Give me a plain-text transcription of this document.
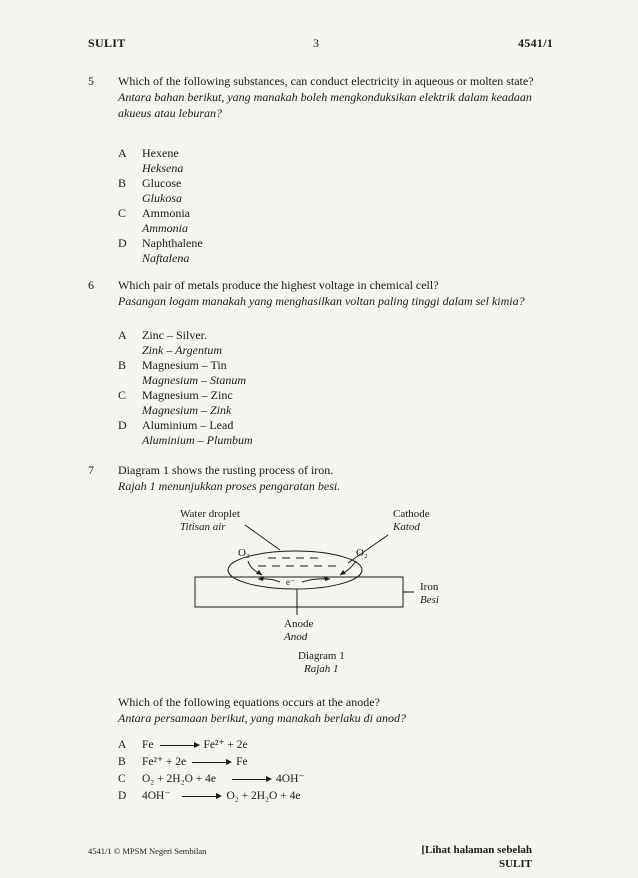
SULIT	3	4541/1
5 Which of the following substances, can conduct electricity in aqueous or molten state?
Antara bahan berikut, yang manakah boleh mengkonduksikan elektrik dalam keadaan akueus atau leburan?
A Hexene
Heksena
B Glucose
Glukosa
C Ammonia
Ammonia
D Naphthalene
Naftalena
6 Which pair of metals produce the highest voltage in chemical cell?
Pasangan logam manakah yang menghasilkan voltan paling tinggi dalam sel kimia?
A Zinc – Silver.
Zink – Argentum
B Magnesium – Tin
Magnesium – Stanum
C Magnesium – Zinc
Magnesium – Zink
D Aluminium – Lead
Aluminium – Plumbum
7 Diagram 1 shows the rusting process of iron.
Rajah 1 menunjukkan proses pengaratan besi.
Water droplet
Titisan air
Cathode
Katod
O₂	O₂
e⁻	Iron
Besi
Anode
Anod
Diagram 1
Rajah 1
Which of the following equations occurs at the anode?
Antara persamaan berikut, yang manakah berlaku di anod?
A Fe	Fe²⁺ + 2e
B Fe²⁺ + 2e	Fe
C O₂ + 2H₂O + 4e	4OH⁻
D 4OH⁻	O₂ + 2H₂O + 4e
4541/1 © MPSM Negeri Sembilan	[Lihat halaman sebelah
SULIT
